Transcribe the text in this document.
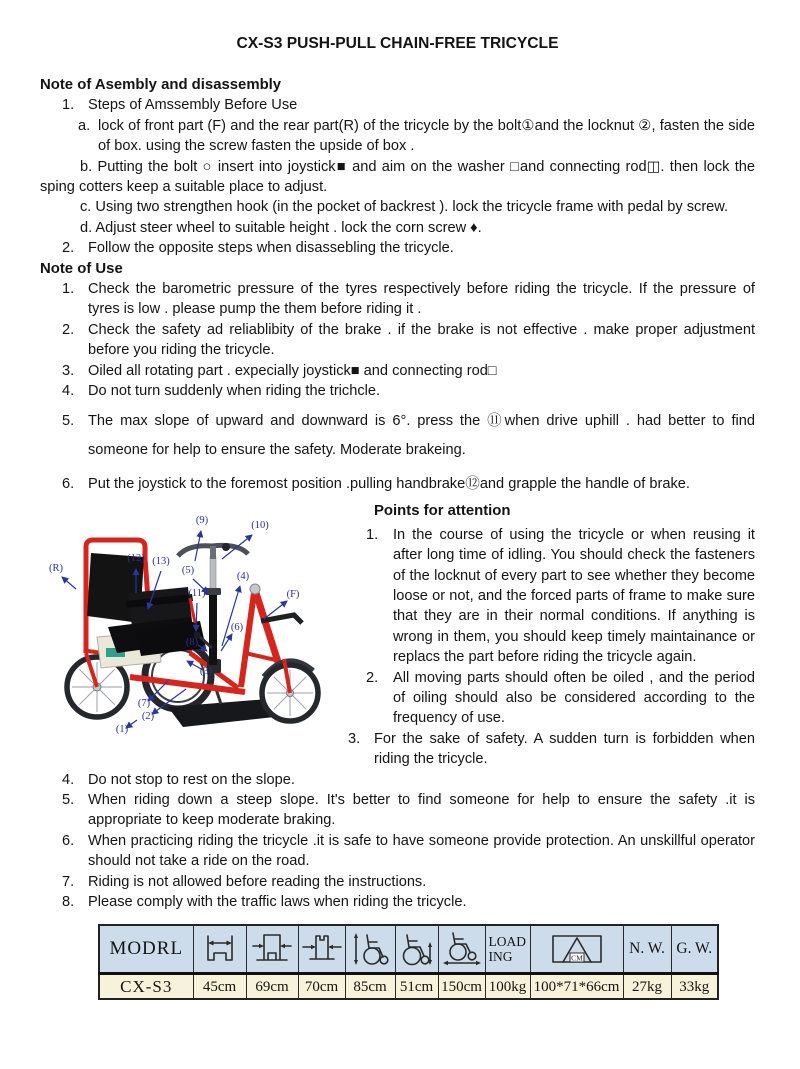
CX-S3 PUSH-PULL CHAIN-FREE TRICYCLE
Note of Asembly and disassembly
1. Steps of Amssembly Before Use
a. lock of front part (F) and the rear part(R) of the tricycle by the bolt①and the locknut ②, fasten the side of box. using the screw fasten the upside of box .

b. Putting the bolt ○ insert into joystick■ and aim on the washer □and connecting rod◫. then lock the sping cotters keep a suitable place to adjust.

c. Using two strengthen hook (in the pocket of backrest ). lock the tricycle frame with pedal by screw.

d. Adjust steer wheel to suitable height . lock the corn screw ♦.

2. Follow the opposite steps when disassebling the tricycle.
Note of Use
1. Check the barometric pressure of the tyres respectively before riding the tricycle. If the pressure of tyres is low . please pump the them before riding it .
2. Check the safety ad reliablibity of the brake . if the brake is not effective . make proper adjustment before you riding the tricycle.
3. Oiled all rotating part . expecially joystick■ and connecting rod□
4. Do not turn suddenly when riding the trichcle.
5. The max slope of upward and downward is 6°. press the ⑪when drive uphill . had better to find someone for help to ensure the safety. Moderate brakeing.
6. Put the joystick to the foremost position .pulling handbrake⑫and grapple the handle of brake.
(9)	(10)
(R)
(12) (13)
(5)
(11)
(4)
(F)
(6)
(8)
(3)
(7)
(2)
(1)
Points for attention

1. In the course of using the tricycle or when reusing it after long time of idling. You should check the fasteners of the locknut of every part to see whether they become loose or not, and the forced parts of frame to make sure that they are in their normal conditions. If anything is wrong in them, you should keep timely maintainance or replacs the part before riding the tricycle again.

2. All moving parts should often be oiled , and the period of oiling should also be considered according to the frequency of use.

3. For the sake of safety. A sudden turn is forbidden when riding the tricycle.

4. Do not stop to rest on the slope.

5. When riding down a steep slope. It's better to find someone for help to ensure the safety .it is appropriate to keep moderate braking.

6. When practicing riding the tricycle .it is safe to have someone provide protection. An unskillful operator should not take a ride on the road.

7. Riding is not allowed before reading the instructions.

8. Please comply with the traffic laws when riding the tricycle.

MODRL							LOAD ING	CM	N. W.	G. W.
CX-S3	45cm	69cm	70cm	85cm	51cm	150cm	100kg	100*71*66cm	27kg	33kg
